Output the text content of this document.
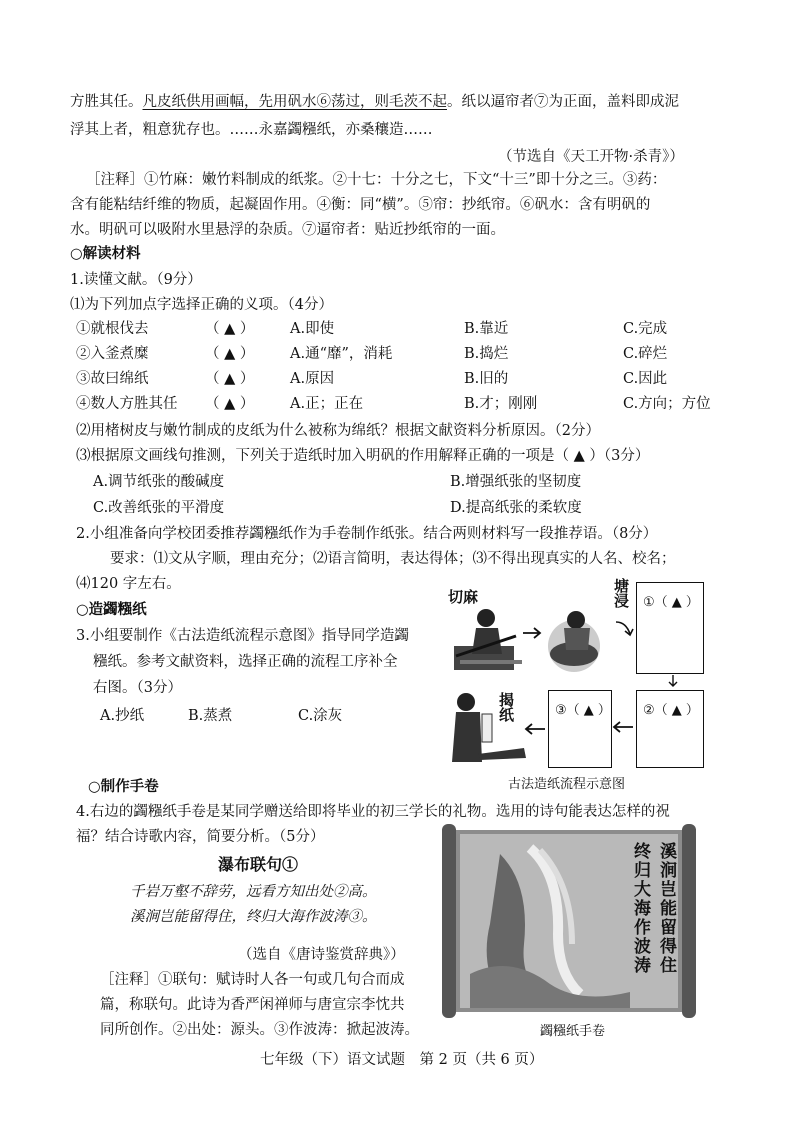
方胜其任。凡皮纸供用画幅，先用矾水⑥荡过，则毛茨不起。纸以逼帘者⑦为正面，盖料即成泥
浮其上者，粗意犹存也。……永嘉蠲糨纸，亦桑穰造……
（节选自《天工开物·杀青》）
［注释］①竹麻：嫩竹料制成的纸浆。②十七：十分之七，下文“十三”即十分之三。③药：
含有能粘结纤维的物质，起凝固作用。④衡：同“横”。⑤帘：抄纸帘。⑥矾水：含有明矾的
水。明矾可以吸附水里悬浮的杂质。⑦逼帘者：贴近抄纸帘的一面。
○解读材料
1.读懂文献。（9分）
⑴为下列加点字选择正确的义项。（4分）
①就根伐去	（ ▲ ） A.即使	B.靠近	C.完成
②入釜煮糜	（ ▲ ） A.通“靡”，消耗	B.捣烂	C.碎烂
③故曰绵纸	（ ▲ ） A.原因	B.旧的	C.因此
④数人方胜其任 （ ▲ ） A.正；正在	B.才；刚刚	C.方向；方位
⑵用楮树皮与嫩竹制成的皮纸为什么被称为绵纸？根据文献资料分析原因。（2分）
⑶根据原文画线句推测，下列关于造纸时加入明矾的作用解释正确的一项是（ ▲ ）（3分）
A.调节纸张的酸碱度	B.增强纸张的坚韧度
C.改善纸张的平滑度	D.提高纸张的柔软度
2.小组准备向学校团委推荐蠲糨纸作为手卷制作纸张。结合两则材料写一段推荐语。（8分）
要求：⑴文从字顺，理由充分；⑵语言简明，表达得体；⑶不得出现真实的人名、校名；
⑷120 字左右。
○造蠲糨纸
3.小组要制作《古法造纸流程示意图》指导同学造蠲
糨纸。参考文献资料，选择正确的流程工序补全
右图。（3分）
A.抄纸	B.蒸煮	C.涂灰
切麻	塘浸 ①（ ▲ ）
②（ ▲ ）
③（ ▲ ）
揭纸
古法造纸流程示意图
○制作手卷
4.右边的蠲糨纸手卷是某同学赠送给即将毕业的初三学长的礼物。选用的诗句能表达怎样的祝
福？结合诗歌内容，简要分析。（5分）
瀑布联句①
千岩万壑不辞劳，远看方知出处②高。
溪涧岂能留得住，终归大海作波涛③。
（选自《唐诗鉴赏辞典》）
［注释］①联句：赋诗时人各一句或几句合而成
篇，称联句。此诗为香严闲禅师与唐宣宗李忱共
同所创作。②出处：源头。③作波涛：掀起波涛。
溪涧岂能留得住
终归大海作波涛
蠲糨纸手卷
七年级（下）语文试题　第 2 页（共 6 页）
